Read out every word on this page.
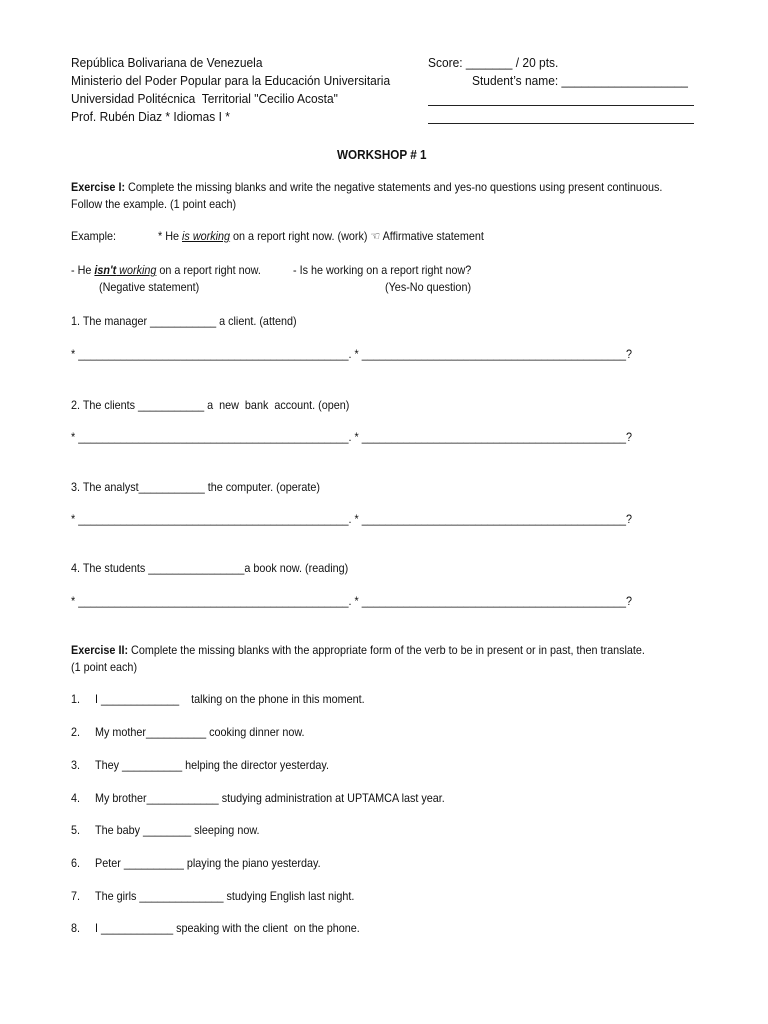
República Bolivariana de Venezuela
Ministerio del Poder Popular para la Educación Universitaria
Universidad Politécnica  Territorial "Cecilio Acosta"
Prof. Rubén Diaz * Idiomas I *
Score: _______ / 20 pts.
Student’s name: ___________________
WORKSHOP # 1
Exercise I: Complete the missing blanks and write the negative statements and yes-no questions using present continuous.
Follow the example. (1 point each)
Example:	* He is working on a report right now. (work) ☜ Affirmative statement
- He isn't working on a report right now.	- Is he working on a report right now?
(Negative statement)	(Yes-No question)
1. The manager ___________ a client. (attend)
* _____________________________________________. * ____________________________________________?
2. The clients ___________ a  new  bank  account. (open)
* _____________________________________________. * ____________________________________________?
3. The analyst___________ the computer. (operate)
* _____________________________________________. * ____________________________________________?
4. The students ________________a book now. (reading)
* _____________________________________________. * ____________________________________________?
Exercise II: Complete the missing blanks with the appropriate form of the verb to be in present or in past, then translate.
(1 point each)
1. I _____________    talking on the phone in this moment.
2. My mother__________ cooking dinner now.
3. They __________ helping the director yesterday.
4. My brother____________ studying administration at UPTAMCA last year.
5. The baby ________ sleeping now.
6. Peter __________ playing the piano yesterday.
7. The girls ______________ studying English last night.
8. I ____________ speaking with the client  on the phone.
